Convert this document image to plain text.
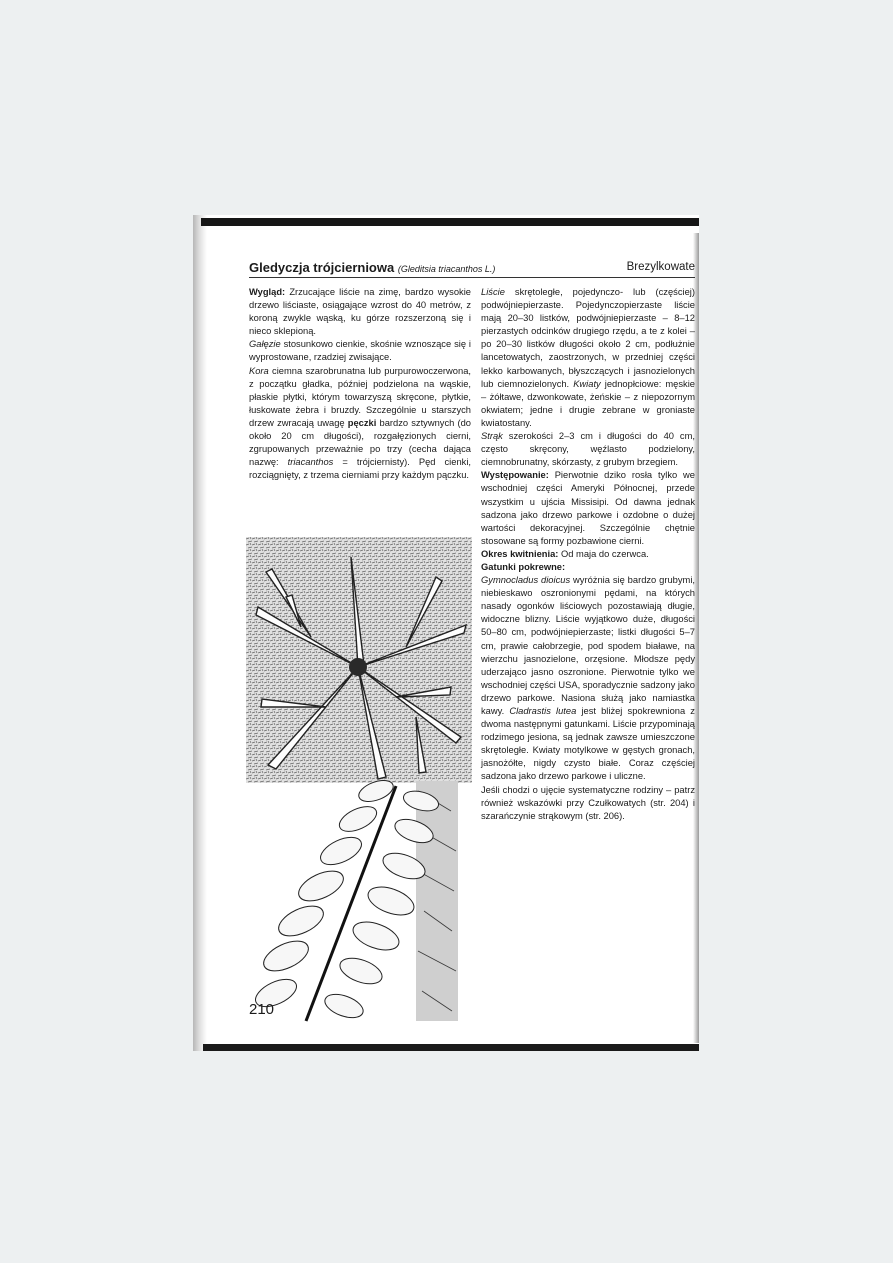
Gledyczja trójcierniowa (Gleditsia triacanthos L.)	Brezylkowate

Wygląd: Zrzucające liście na zimę, bardzo wysokie drzewo liściaste, osiągające wzrost do 40 metrów, z koroną zwykle wąską, ku górze rozszerzoną się i nieco sklepioną.

Gałęzie stosunkowo cienkie, skośnie wznoszące się i wyprostowane, rzadziej zwisające.

Kora ciemna szarobrunatna lub purpurowoczerwona, z początku gładka, później podzielona na wąskie, płaskie płytki, którym towarzyszą skręcone, płytkie, łuskowate żebra i bruzdy. Szczególnie u starszych drzew zwracają uwagę pęczki bardzo sztywnych (do około 20 cm długości), rozgałęzionych cierni, zgrupowanych przeważnie po trzy (cecha dająca nazwę: triacanthos = trójciernisty). Pęd cienki, rozciągnięty, z trzema cierniami przy każdym pączku.

Liście skrętoległe, pojedynczo- lub (częściej) podwójniepierzaste. Pojedynczopierzaste liście mają 20–30 listków, podwójniepierzaste – 8–12 pierzastych odcinków drugiego rzędu, a te z kolei – po 20–30 listków długości około 2 cm, podłużnie lancetowatych, zaostrzonych, w przedniej części lekko karbowanych, błyszczących i jasnozielonych lub ciemnozielonych. Kwiaty jednopłciowe: męskie – żółtawe, dzwonkowate, żeńskie – z niepozornym okwiatem; jedne i drugie zebrane w groniaste kwiatostany.

Strąk szerokości 2–3 cm i długości do 40 cm, często skręcony, węźlasto podzielony, ciemnobrunatny, skórzasty, z grubym brzegiem.

Występowanie: Pierwotnie dziko rosła tylko we wschodniej części Ameryki Północnej, przede wszystkim u ujścia Missisipi. Od dawna jednak sadzona jako drzewo parkowe i ozdobne o dużej wartości dekoracyjnej. Szczególnie chętnie stosowane są formy pozbawione cierni.

Okres kwitnienia: Od maja do czerwca.

Gatunki pokrewne:

Gymnocladus dioicus wyróżnia się bardzo grubymi, niebieskawo oszronionymi pędami, na których nasady ogonków liściowych pozostawiają długie, widoczne blizny. Liście wyjątkowo duże, długości 50–80 cm, podwójniepierzaste; listki długości 5–7 cm, prawie całobrzegie, pod spodem białawe, na wierzchu jasnozielone, orzęsione. Młodsze pędy uderzająco jasno oszronione. Pierwotnie tylko we wschodniej części USA, sporadycznie sadzony jako drzewo parkowe. Nasiona służą jako namiastka kawy. Cladrastis lutea jest bliżej spokrewniona z dwoma następnymi gatunkami. Liście przypominają rodzimego jesiona, są jednak zawsze umieszczone skrętoległe. Kwiaty motylkowe w gęstych gronach, jasnożółte, nigdy czysto białe. Coraz częściej sadzona jako drzewo parkowe i uliczne.

Jeśli chodzi o ujęcie systematyczne rodziny – patrz również wskazówki przy Czułkowatych (str. 204) i szarańczynie strąkowym (str. 206).

210
